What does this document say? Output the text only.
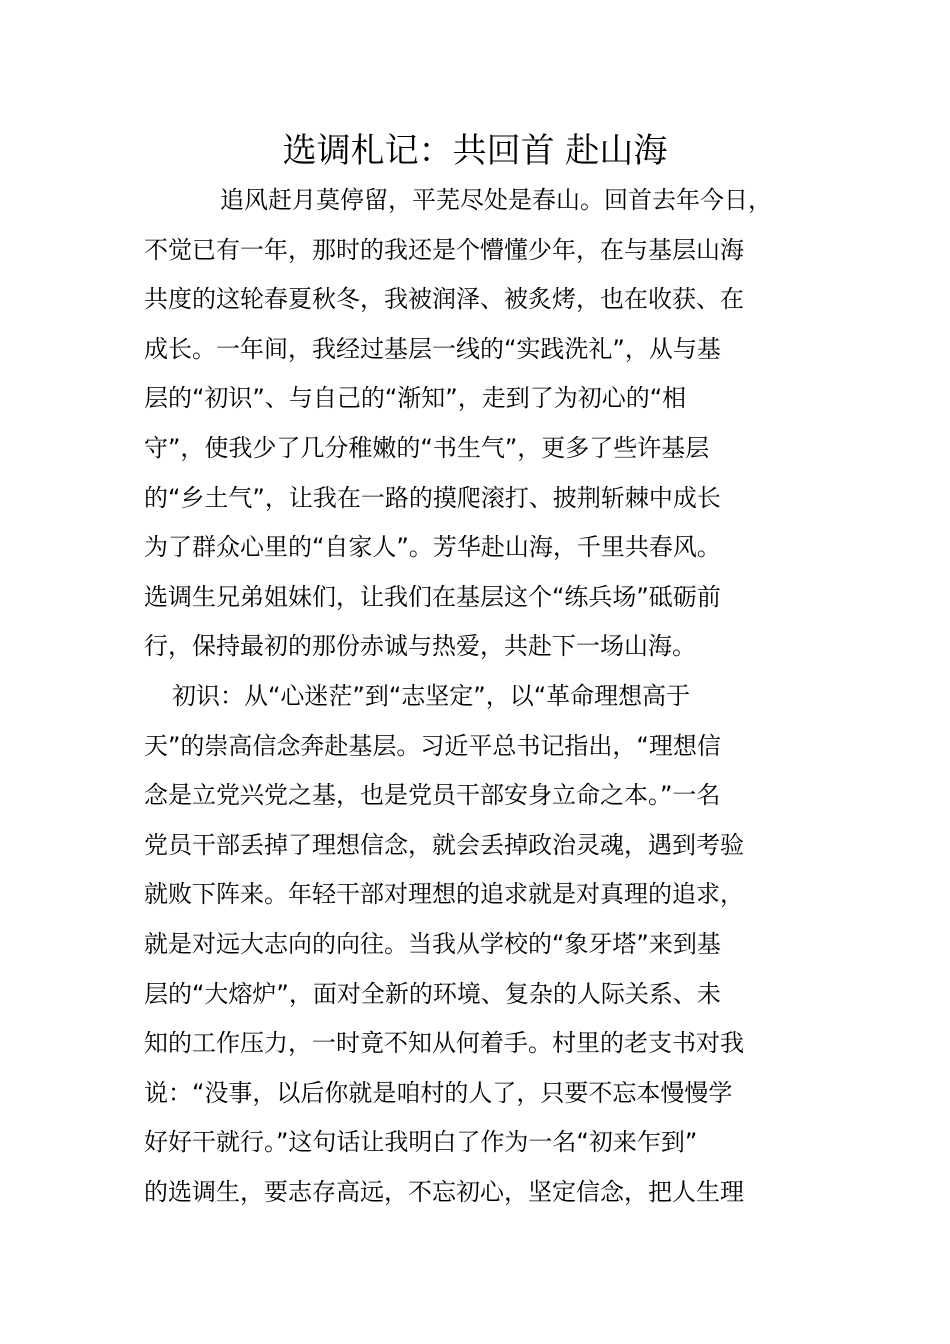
选调札记：共回首 赴山海
追风赶月莫停留，平芜尽处是春山。回首去年今日，
不觉已有一年，那时的我还是个懵懂少年，在与基层山海
共度的这轮春夏秋冬，我被润泽、被炙烤，也在收获、在
成长。一年间，我经过基层一线的“实践洗礼”，从与基
层的“初识”、与自己的“渐知”，走到了为初心的“相
守”，使我少了几分稚嫩的“书生气”，更多了些许基层
的“乡土气”，让我在一路的摸爬滚打、披荆斩棘中成长
为了群众心里的“自家人”。芳华赴山海，千里共春风。
选调生兄弟姐妹们，让我们在基层这个“练兵场”砥砺前
行，保持最初的那份赤诚与热爱，共赴下一场山海。
初识：从“心迷茫”到“志坚定”，以“革命理想高于
天”的崇高信念奔赴基层。习近平总书记指出，“理想信
念是立党兴党之基，也是党员干部安身立命之本。”一名
党员干部丢掉了理想信念，就会丢掉政治灵魂，遇到考验
就败下阵来。年轻干部对理想的追求就是对真理的追求，
就是对远大志向的向往。当我从学校的“象牙塔”来到基
层的“大熔炉”，面对全新的环境、复杂的人际关系、未
知的工作压力，一时竟不知从何着手。村里的老支书对我
说：“没事，以后你就是咱村的人了，只要不忘本慢慢学
好好干就行。”这句话让我明白了作为一名“初来乍到”
的选调生，要志存高远，不忘初心，坚定信念，把人生理
